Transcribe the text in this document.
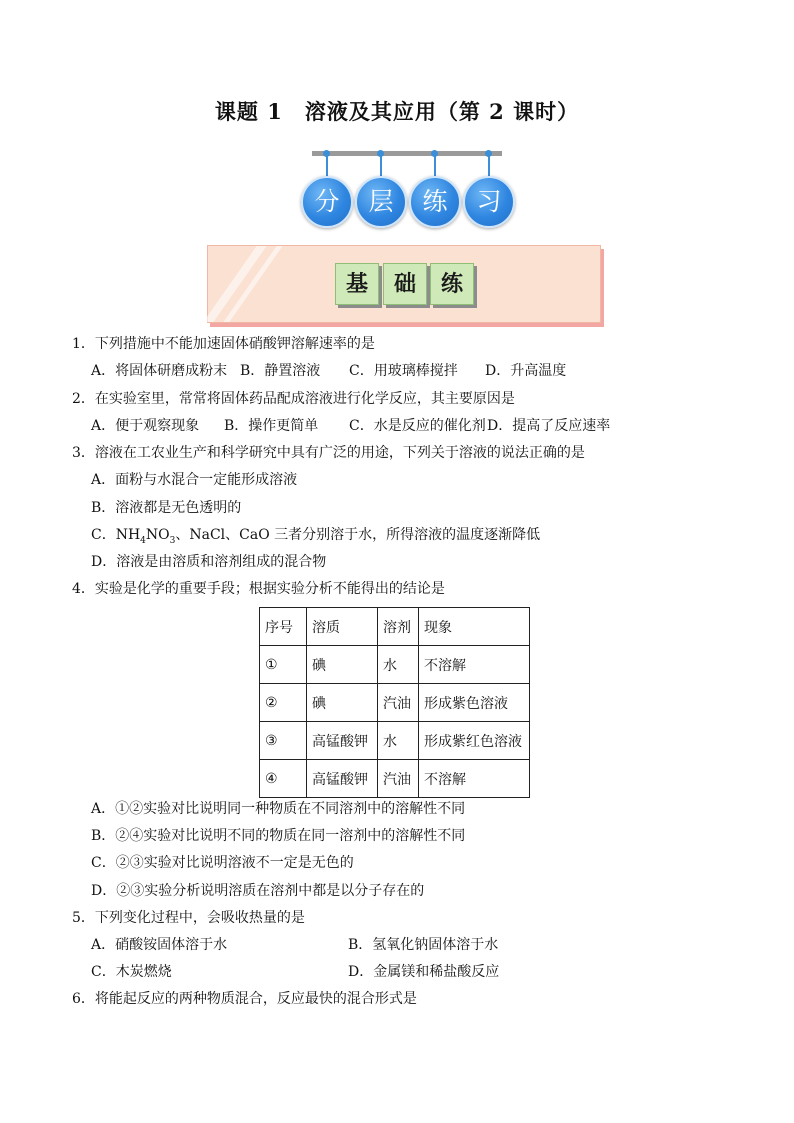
课题 1　溶液及其应用（第 2 课时）
分	层	练	习
基	础	练
1．下列措施中不能加速固体硝酸钾溶解速率的是
A．将固体研磨成粉末 B．静置溶液 C．用玻璃棒搅拌 D．升高温度
2．在实验室里，常常将固体药品配成溶液进行化学反应，其主要原因是
A．便于观察现象 B．操作更简单 C．水是反应的催化剂 D．提高了反应速率
3．溶液在工农业生产和科学研究中具有广泛的用途，下列关于溶液的说法正确的是
A．面粉与水混合一定能形成溶液
B．溶液都是无色透明的
C．$NH_4NO_3$、NaCl、CaO 三者分别溶于水，所得溶液的温度逐渐降低
D．溶液是由溶质和溶剂组成的混合物
4．实验是化学的重要手段；根据实验分析不能得出的结论是
序号	溶质	溶剂	现象
①	碘	水	不溶解
②	碘	汽油	形成紫色溶液
③	高锰酸钾	水	形成紫红色溶液
④	高锰酸钾	汽油	不溶解
A．①②实验对比说明同一种物质在不同溶剂中的溶解性不同
B．②④实验对比说明不同的物质在同一溶剂中的溶解性不同
C．②③实验对比说明溶液不一定是无色的
D．②③实验分析说明溶质在溶剂中都是以分子存在的
5．下列变化过程中，会吸收热量的是
A．硝酸铵固体溶于水	B．氢氧化钠固体溶于水
C．木炭燃烧	D．金属镁和稀盐酸反应
6．将能起反应的两种物质混合，反应最快的混合形式是
